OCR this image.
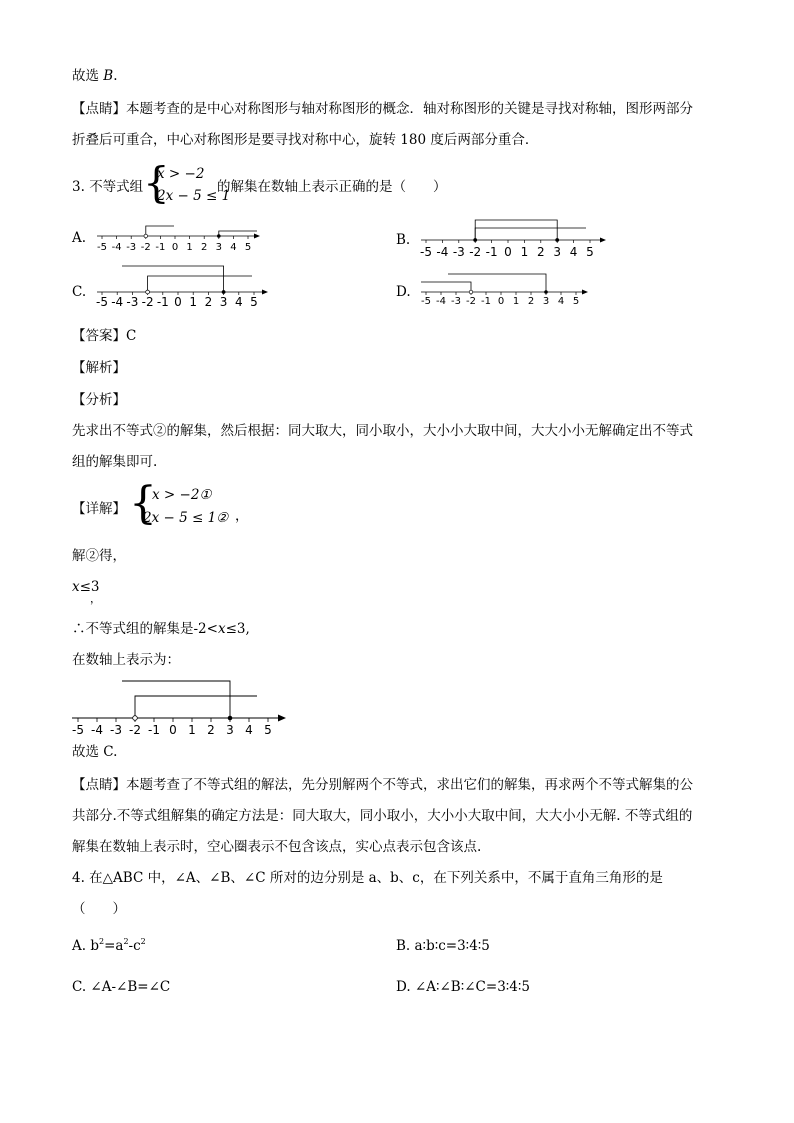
故选 B.
【点睛】本题考查的是中心对称图形与轴对称图形的概念．轴对称图形的关键是寻找对称轴，图形两部分
折叠后可重合，中心对称图形是要寻找对称中心，旋转 180 度后两部分重合．
3. 不等式组 {
x > −2
2x − 5 ≤ 1
的解集在数轴上表示正确的是（　　）
A.
-5 -4 -3 -2 -1 0 1 2 3 4 5	B.
-5 -4 -3 -2 -1 0 1 2 3 4 5
C.
-5 -4 -3 -2 -1 0 1 2 3 4 5
D.
-5 -4 -3 -2 -1 0 1 2 3 4 5
【答案】C
【解析】
【分析】
先求出不等式②的解集，然后根据：同大取大，同小取小，大小小大取中间，大大小小无解确定出不等式
组的解集即可.
【详解】 {
x > −2①
2x − 5 ≤ 1② ，
解②得，
x≤3
，
∴不等式组的解集是-2<x≤3,
在数轴上表示为：
-5 -4 -3 -2 -1 0 1 2 3 4 5
故选 C.
【点睛】本题考查了不等式组的解法，先分别解两个不等式，求出它们的解集，再求两个不等式解集的公
共部分.不等式组解集的确定方法是：同大取大，同小取小，大小小大取中间，大大小小无解. 不等式组的
解集在数轴上表示时，空心圈表示不包含该点，实心点表示包含该点.
4. 在△ABC 中，∠A、∠B、∠C 所对的边分别是 a、b、c，在下列关系中，不属于直角三角形的是
（　　）
A. $b^2=a^2-c^2$	B. a∶b∶c=3∶4∶5
C. ∠A-∠B=∠C	D. ∠A∶∠B∶∠C=3∶4∶5
